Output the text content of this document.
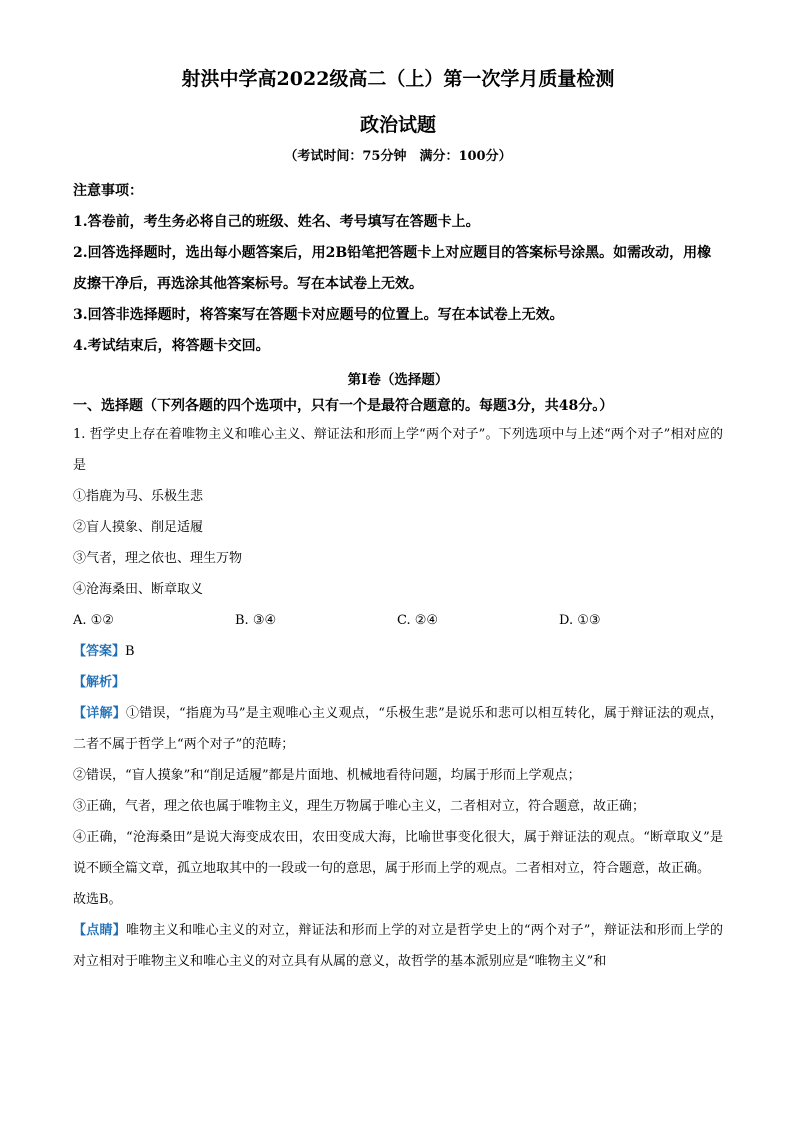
射洪中学高2022级高二（上）第一次学月质量检测
政治试题
（考试时间：75分钟　满分：100分）
注意事项：
1.答卷前，考生务必将自己的班级、姓名、考号填写在答题卡上。
2.回答选择题时，选出每小题答案后，用2B铅笔把答题卡上对应题目的答案标号涂黑。如需改动，用橡皮擦干净后，再选涂其他答案标号。写在本试卷上无效。
3.回答非选择题时，将答案写在答题卡对应题号的位置上。写在本试卷上无效。
4.考试结束后，将答题卡交回。
第Ⅰ卷（选择题）
一、选择题（下列各题的四个选项中，只有一个是最符合题意的。每题3分，共48分。）
1. 哲学史上存在着唯物主义和唯心主义、辩证法和形而上学“两个对子”。下列选项中与上述“两个对子”相对应的是
①指鹿为马、乐极生悲
②盲人摸象、削足适履
③气者，理之依也、理生万物
④沧海桑田、断章取义
A. ①②	B. ③④	C. ②④	D. ①③
【答案】B
【解析】
【详解】①错误，“指鹿为马”是主观唯心主义观点，“乐极生悲”是说乐和悲可以相互转化，属于辩证法的观点，二者不属于哲学上“两个对子”的范畴；
②错误，“盲人摸象”和“削足适履”都是片面地、机械地看待问题，均属于形而上学观点；
③正确，气者，理之依也属于唯物主义，理生万物属于唯心主义，二者相对立，符合题意，故正确；
④正确，“沧海桑田”是说大海变成农田，农田变成大海，比喻世事变化很大，属于辩证法的观点。“断章取义”是说不顾全篇文章，孤立地取其中的一段或一句的意思，属于形而上学的观点。二者相对立，符合题意，故正确。
故选B。
【点睛】唯物主义和唯心主义的对立，辩证法和形而上学的对立是哲学史上的“两个对子”，辩证法和形而上学的对立相对于唯物主义和唯心主义的对立具有从属的意义，故哲学的基本派别应是“唯物主义”和
